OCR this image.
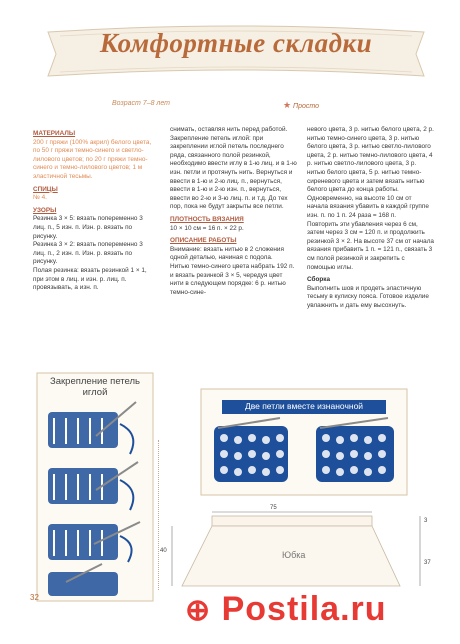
Комфортные складки
Возраст 7–8 лет	★ Просто

МАТЕРИАЛЫ

200 г пряжи (100% акрил) белого цвета, по 50 г пряжи темно-синего и светло-лилового цветов; по 20 г пряжи темно-синего и темно-лилового цветов; 1 м эластичной тесьмы.

СПИЦЫ

№ 4.

УЗОРЫ

Резинка 3 × 5: вязать попеременно 3 лиц. п., 5 изн. п. Изн. р. вязать по рисунку.

Резинка 3 × 2: вязать попеременно 3 лиц. п., 2 изн. п. Изн. р. вязать по рисунку.

Полая резинка: вязать резинкой 1 × 1, при этом в лиц. и изн. р. лиц. п. провязывать, а изн. п.

снимать, оставляя нить перед работой.

Закрепление петель иглой: при закреплении иглой петель последнего ряда, связанного полой резинкой, необходимо ввести иглу в 1-ю лиц. и в 1-ю изн. петли и протянуть нить. Вернуться и ввести в 1-ю и 2-ю лиц. п., вернуться, ввести в 1-ю и 2-ю изн. п., вернуться, ввести во 2-ю и 3-ю лиц. п. и т.д. До тех пор, пока не будут закрыты все петли.

ПЛОТНОСТЬ ВЯЗАНИЯ

10 × 10 см = 16 п. × 22 р.

ОПИСАНИЕ РАБОТЫ

Внимание: вязать нитью в 2 сложения одной деталью, начиная с подола.

Нитью темно-синего цвета набрать 192 п. и вязать резинкой 3 × 5, чередуя цвет нити в следующем порядке: 6 р. нитью темно-сине-

невого цвета, 3 р. нитью белого цвета, 2 р. нитью темно-синего цвета, 3 р. нитью белого цвета, 3 р. нитью светло-лилового цвета, 2 р. нитью темно-лилового цвета, 4 р. нитью светло-лилового цвета, 3 р. нитью белого цвета, 5 р. нитью темно-сиреневого цвета и затем вязать нитью белого цвета до конца работы. Одновременно, на высоте 10 см от начала вязания убавить в каждой группе изн. п. по 1 п. 24 раза = 168 п.

Повторить эти убавления через 6 см, затем через 3 см = 120 п. и продолжить резинкой 3 × 2. На высоте 37 см от начала вязания прибавить 1 п. = 121 п., связать 3 см полой резинкой и закрепить с помощью иглы.

Сборка

Выполнить шов и продеть эластичную тесьму в кулиску пояса. Готовое изделие увлажнить и дать ему высохнуть.

Закрепление петель иглой
Две петли вместе изнаночной
75
40
3
37
Юбка
32	⊕ Postila.ru
